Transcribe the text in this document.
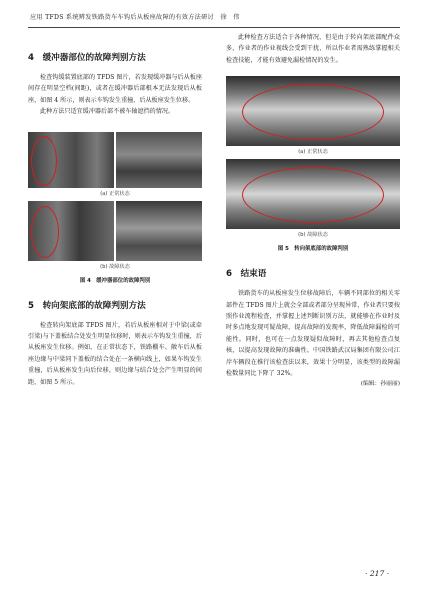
应用 TFDS 系统辨发铁路货车车钩后从板座故障的有效方法研讨　徐　伟
4　缓冲器部位的故障判别方法

检查钩缓装置底部的 TFDS 图片，若发现缓冲器与后从板座间存在明显空档(间距)，或者在缓冲器后部根本无法发现后从板座，如图 4 所示，则表示车钩发生重撞，后从板座发生位移。

此种方法只适宜缓冲器后部不被车轴遮挡的情况。

(a) 正常状态
(b) 故障状态
图 4　缓冲器部位的故障判别
5　转向架底部的故障判别方法

检查转向架底部 TFDS 图片，若后从板座相对于中梁(或牵引梁)与下盖板结合处发生明显位移时，则表示车钩发生重撞，后从板座发生位移。例如，在正常状态下，铁路棚车、敞车后从板座边缘与中梁同下盖板的结合处在一条横向线上，如果车钩发生重撞，后从板座发生向后位移，则边缘与结合处会产生明显的间距，如图 5 所示。

此种检查方法适合于各种情况，但是由于转向架底部配件众多，作业者的作业视线会受到干扰，所以作业者需熟练掌握相关检查技能，才能有效避免漏检情况的发生。

(a) 正常状态
(b) 故障状态
图 5　转向架底部的故障判别
6　结束语

铁路货车的从板座发生位移故障后，车辆不同部位的相关零部件在 TFDS 图片上就会全部或者部分呈现异常，作业者只要按照作业流程检查，并掌握上述判断识别方法，就能够在作业时及时多点地发现可疑故障，提高故障的发现率，降低故障漏检的可能性。同时，也可在一点发现疑似故障时，再去其他检查点复核，以提高发现故障的准确性。中国铁路武汉局集团有限公司江岸车辆段在推行该检查法以来，效果十分明显，该类型的故障漏检数量同比下降了 32%。

(编辑：孙丽丽)
· 217 ·
